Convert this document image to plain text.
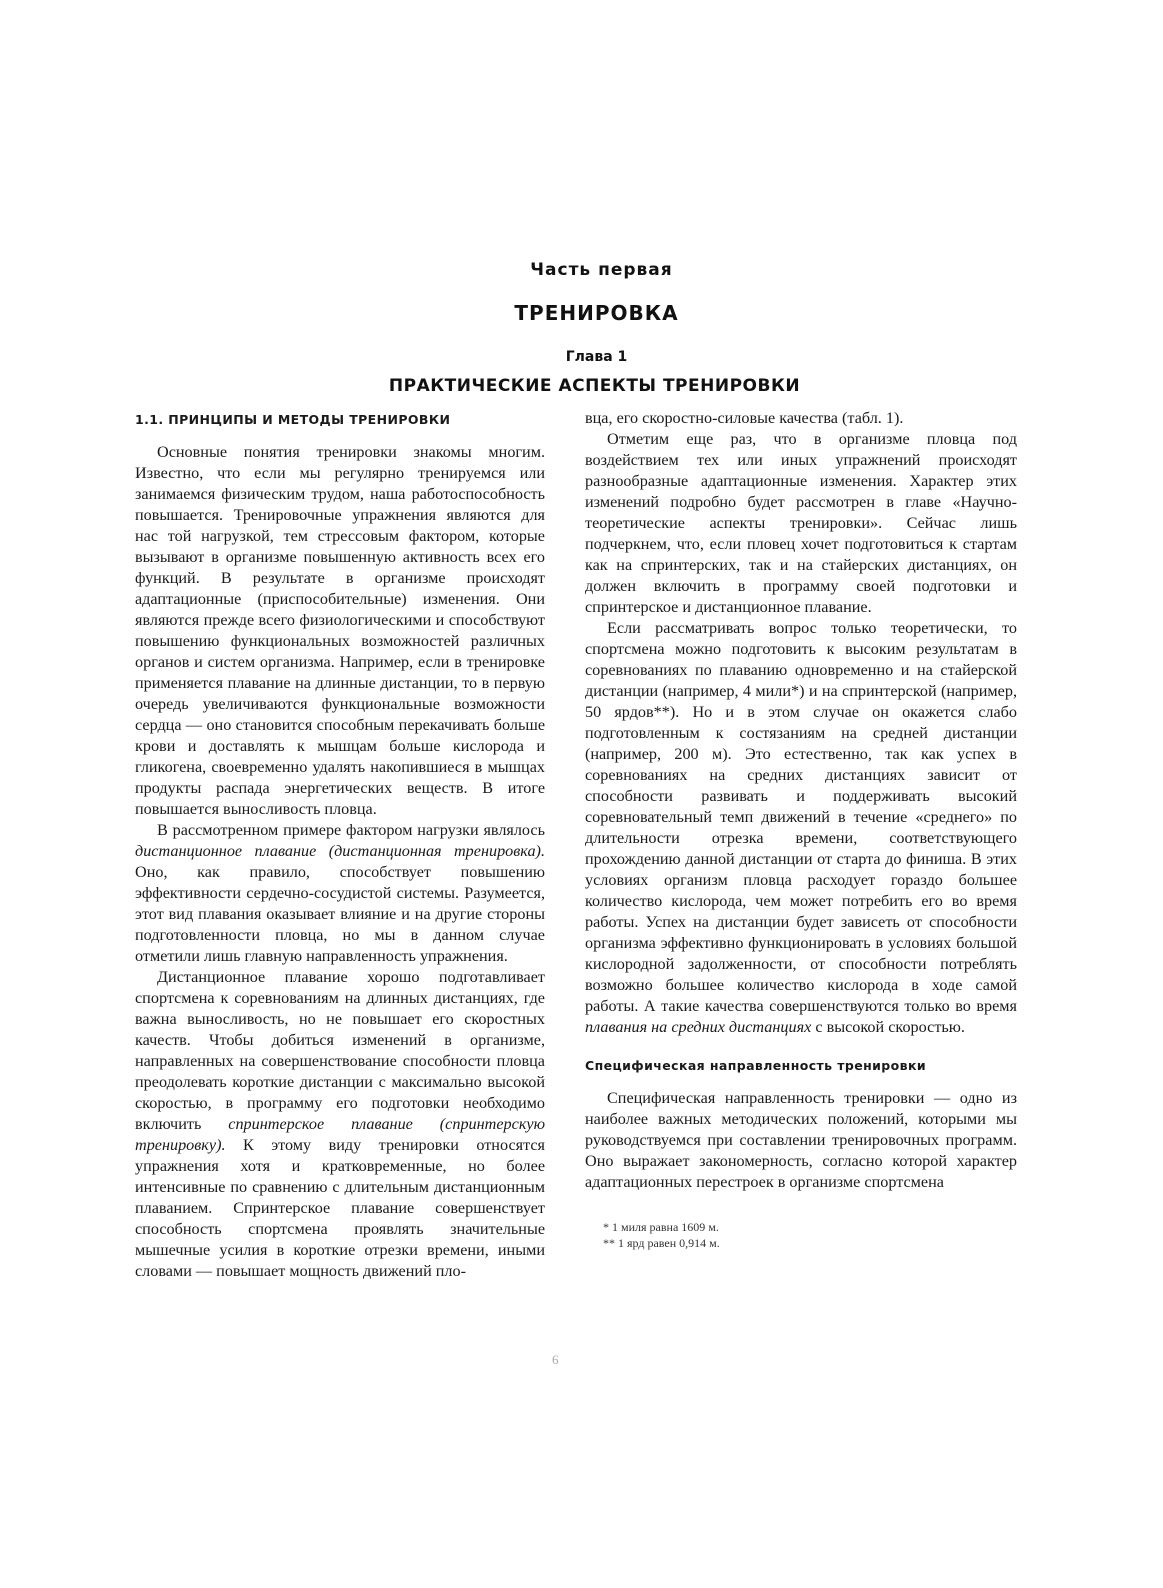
Часть первая
ТРЕНИРОВКА
Глава 1
ПРАКТИЧЕСКИЕ АСПЕКТЫ ТРЕНИРОВКИ
1.1. ПРИНЦИПЫ И МЕТОДЫ ТРЕНИРОВКИ

Основные понятия тренировки знакомы многим. Известно, что если мы регулярно тренируемся или занимаемся физическим трудом, наша работоспособность повышается. Тренировочные упражнения являются для нас той нагрузкой, тем стрессовым фактором, которые вызывают в организме повышенную активность всех его функций. В результате в организме происходят адаптационные (приспособительные) изменения. Они являются прежде всего физиологическими и способствуют повышению функциональных возможностей различных органов и систем организма. Например, если в тренировке применяется плавание на длинные дистанции, то в первую очередь увеличиваются функциональные возможности сердца — оно становится способным перекачивать больше крови и доставлять к мышцам больше кислорода и гликогена, своевременно удалять накопившиеся в мышцах продукты распада энергетических веществ. В итоге повышается выносливость пловца.

В рассмотренном примере фактором нагрузки являлось дистанционное плавание (дистанционная тренировка). Оно, как правило, способствует повышению эффективности сердечно-сосудистой системы. Разумеется, этот вид плавания оказывает влияние и на другие стороны подготовленности пловца, но мы в данном случае отметили лишь главную направленность упражнения.

Дистанционное плавание хорошо подготавливает спортсмена к соревнованиям на длинных дистанциях, где важна выносливость, но не повышает его скоростных качеств. Чтобы добиться изменений в организме, направленных на совершенствование способности пловца преодолевать короткие дистанции с максимально высокой скоростью, в программу его подготовки необходимо включить спринтерское плавание (спринтерскую тренировку). К этому виду тренировки относятся упражнения хотя и кратковременные, но более интенсивные по сравнению с длительным дистанционным плаванием. Спринтерское плавание совершенствует способность спортсмена проявлять значительные мышечные усилия в короткие отрезки времени, иными словами — повышает мощность движений пло-

вца, его скоростно-силовые качества (табл. 1).

Отметим еще раз, что в организме пловца под воздействием тех или иных упражнений происходят разнообразные адаптационные изменения. Характер этих изменений подробно будет рассмотрен в главе «Научно-теоретические аспекты тренировки». Сейчас лишь подчеркнем, что, если пловец хочет подготовиться к стартам как на спринтерских, так и на стайерских дистанциях, он должен включить в программу своей подготовки и спринтерское и дистанционное плавание.

Если рассматривать вопрос только теоретически, то спортсмена можно подготовить к высоким результатам в соревнованиях по плаванию одновременно и на стайерской дистанции (например, 4 мили*) и на спринтерской (например, 50 ярдов**). Но и в этом случае он окажется слабо подготовленным к состязаниям на средней дистанции (например, 200 м). Это естественно, так как успех в соревнованиях на средних дистанциях зависит от способности развивать и поддерживать высокий соревновательный темп движений в течение «среднего» по длительности отрезка времени, соответствующего прохождению данной дистанции от старта до финиша. В этих условиях организм пловца расходует гораздо большее количество кислорода, чем может потребить его во время работы. Успех на дистанции будет зависеть от способности организма эффективно функционировать в условиях большой кислородной задолженности, от способности потреблять возможно большее количество кислорода в ходе самой работы. А такие качества совершенствуются только во время плавания на средних дистанциях с высокой скоростью.

Специфическая направленность тренировки

Специфическая направленность тренировки — одно из наиболее важных методических положений, которыми мы руководствуемся при составлении тренировочных программ. Оно выражает закономерность, согласно которой характер адаптационных перестроек в организме спортсмена

* 1 миля равна 1609 м.
** 1 ярд равен 0,914 м.
6
